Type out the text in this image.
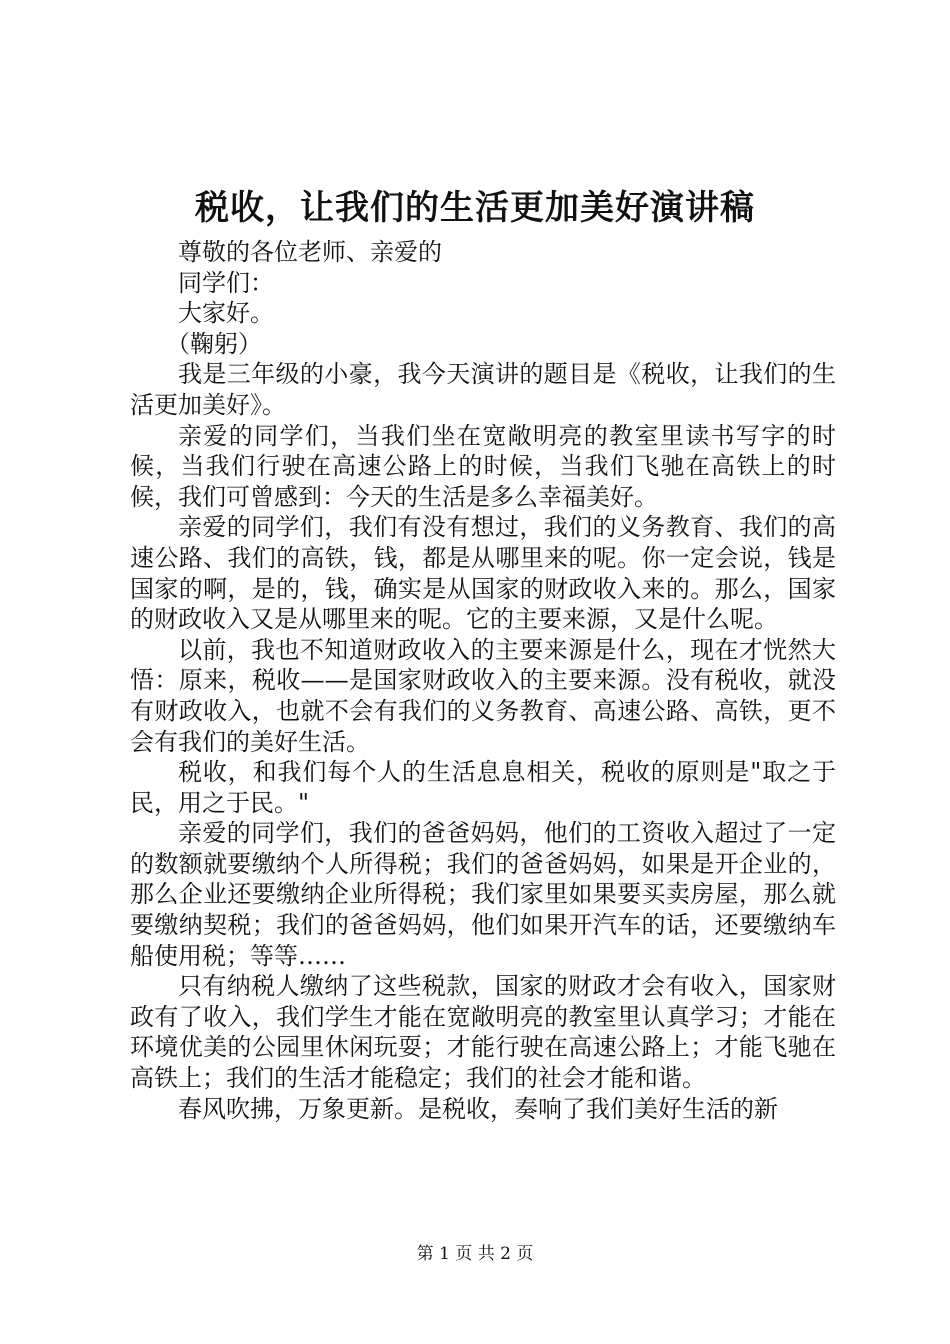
税收，让我们的生活更加美好演讲稿

尊敬的各位老师、亲爱的

同学们：

大家好。

（鞠躬）

我是三年级的小豪，我今天演讲的题目是《税收，让我们的生活更加美好》。

亲爱的同学们，当我们坐在宽敞明亮的教室里读书写字的时候，当我们行驶在高速公路上的时候，当我们飞驰在高铁上的时候，我们可曾感到：今天的生活是多么幸福美好。

亲爱的同学们，我们有没有想过，我们的义务教育、我们的高速公路、我们的高铁，钱，都是从哪里来的呢。你一定会说，钱是国家的啊，是的，钱，确实是从国家的财政收入来的。那么，国家的财政收入又是从哪里来的呢。它的主要来源，又是什么呢。

以前，我也不知道财政收入的主要来源是什么，现在才恍然大悟：原来，税收——是国家财政收入的主要来源。没有税收，就没有财政收入，也就不会有我们的义务教育、高速公路、高铁，更不会有我们的美好生活。

税收，和我们每个人的生活息息相关，税收的原则是"取之于民，用之于民。"

亲爱的同学们，我们的爸爸妈妈，他们的工资收入超过了一定的数额就要缴纳个人所得税；我们的爸爸妈妈，如果是开企业的，那么企业还要缴纳企业所得税；我们家里如果要买卖房屋，那么就要缴纳契税；我们的爸爸妈妈，他们如果开汽车的话，还要缴纳车船使用税；等等……

只有纳税人缴纳了这些税款，国家的财政才会有收入，国家财政有了收入，我们学生才能在宽敞明亮的教室里认真学习；才能在环境优美的公园里休闲玩耍；才能行驶在高速公路上；才能飞驰在高铁上；我们的生活才能稳定；我们的社会才能和谐。

春风吹拂，万象更新。是税收，奏响了我们美好生活的新

第 1 页 共 2 页
